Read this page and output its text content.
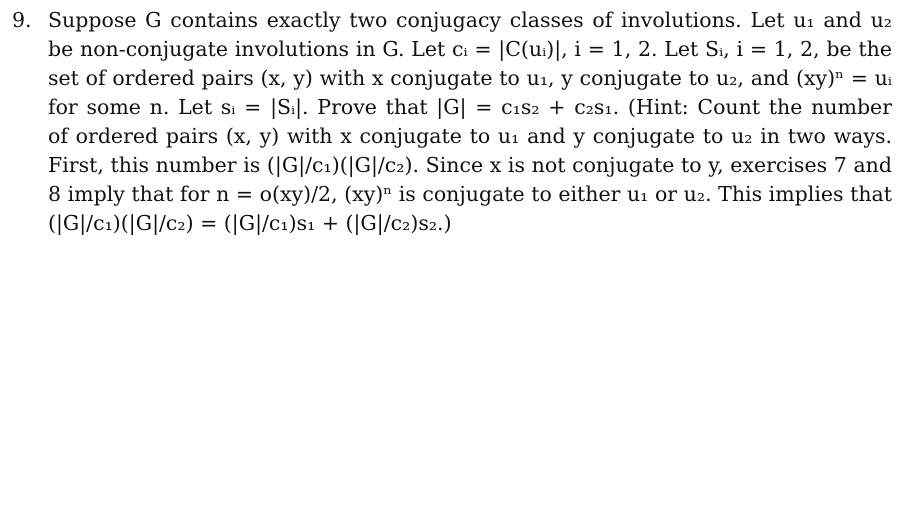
9. Suppose G contains exactly two conjugacy classes of involutions. Let u₁ and u₂
be non-conjugate involutions in G. Let cᵢ = |C(uᵢ)|, i = 1, 2. Let Sᵢ, i = 1, 2, be the
set of ordered pairs (x, y) with x conjugate to u₁, y conjugate to u₂, and (xy)ⁿ = uᵢ
for some n. Let sᵢ = |Sᵢ|. Prove that |G| = c₁s₂ + c₂s₁. (Hint: Count the number
of ordered pairs (x, y) with x conjugate to u₁ and y conjugate to u₂ in two ways.
First, this number is (|G|/c₁)(|G|/c₂). Since x is not conjugate to y, exercises 7 and
8 imply that for n = o(xy)/2, (xy)ⁿ is conjugate to either u₁ or u₂. This implies that
(|G|/c₁)(|G|/c₂) = (|G|/c₁)s₁ + (|G|/c₂)s₂.)
